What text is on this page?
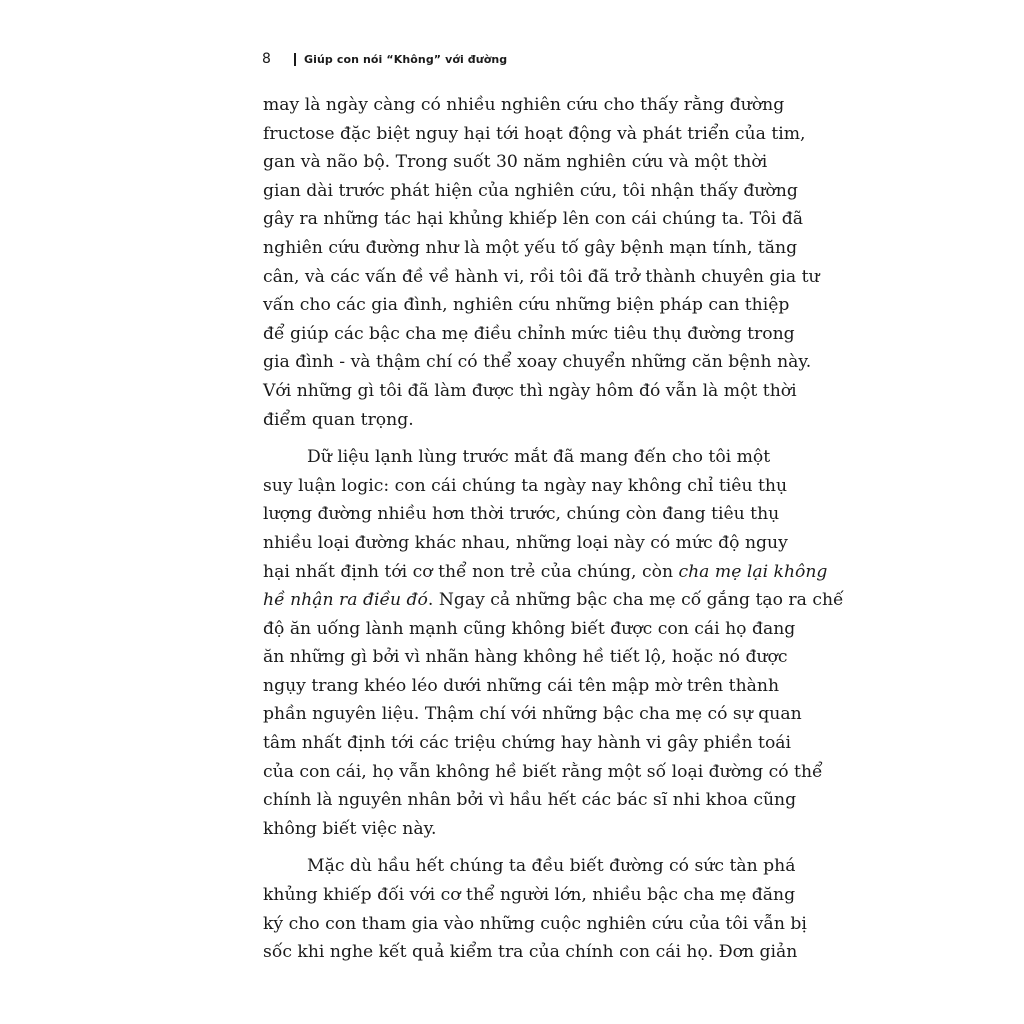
8	Giúp con nói “Không” với đường
may là ngày càng có nhiều nghiên cứu cho thấy rằng đường
fructose đặc biệt nguy hại tới hoạt động và phát triển của tim,
gan và não bộ. Trong suốt 30 năm nghiên cứu và một thời
gian dài trước phát hiện của nghiên cứu, tôi nhận thấy đường
gây ra những tác hại khủng khiếp lên con cái chúng ta. Tôi đã
nghiên cứu đường như là một yếu tố gây bệnh mạn tính, tăng
cân, và các vấn đề về hành vi, rồi tôi đã trở thành chuyên gia tư
vấn cho các gia đình, nghiên cứu những biện pháp can thiệp
để giúp các bậc cha mẹ điều chỉnh mức tiêu thụ đường trong
gia đình - và thậm chí có thể xoay chuyển những căn bệnh này.
Với những gì tôi đã làm được thì ngày hôm đó vẫn là một thời
điểm quan trọng.
Dữ liệu lạnh lùng trước mắt đã mang đến cho tôi một
suy luận logic: con cái chúng ta ngày nay không chỉ tiêu thụ
lượng đường nhiều hơn thời trước, chúng còn đang tiêu thụ
nhiều loại đường khác nhau, những loại này có mức độ nguy
hại nhất định tới cơ thể non trẻ của chúng, còn cha mẹ lại không
hề nhận ra điều đó. Ngay cả những bậc cha mẹ cố gắng tạo ra chế
độ ăn uống lành mạnh cũng không biết được con cái họ đang
ăn những gì bởi vì nhãn hàng không hề tiết lộ, hoặc nó được
ngụy trang khéo léo dưới những cái tên mập mờ trên thành
phần nguyên liệu. Thậm chí với những bậc cha mẹ có sự quan
tâm nhất định tới các triệu chứng hay hành vi gây phiền toái
của con cái, họ vẫn không hề biết rằng một số loại đường có thể
chính là nguyên nhân bởi vì hầu hết các bác sĩ nhi khoa cũng
không biết việc này.
Mặc dù hầu hết chúng ta đều biết đường có sức tàn phá
khủng khiếp đối với cơ thể người lớn, nhiều bậc cha mẹ đăng
ký cho con tham gia vào những cuộc nghiên cứu của tôi vẫn bị
sốc khi nghe kết quả kiểm tra của chính con cái họ. Đơn giản
